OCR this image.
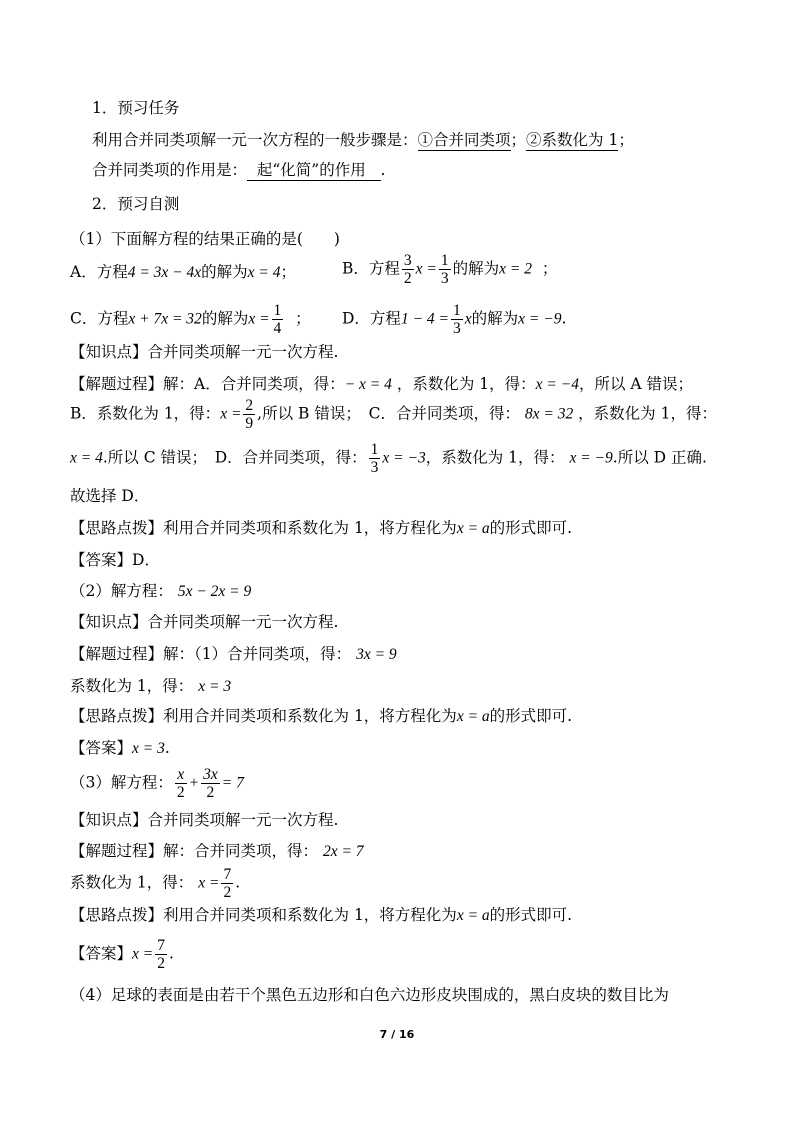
1．预习任务
利用合并同类项解一元一次方程的一般步骤是：①合并同类项；②系数化为 1；
合并同类项的作用是： 起“化简”的作用 .
2．预习自测
（1）下面解方程的结果正确的是(　　)
A．方程4 = 3x − 4x的解为x = 4；	B．方程 $\frac{3}{2}$ $x = \frac{1}{3}$ 的解为x = 2 ；
C．方程x + 7x = 32的解为$x = \frac{1}{4}$ ； D．方程$1 - 4 = \frac{1}{3}$ x的解为x = −9.
【知识点】合并同类项解一元一次方程.
【解题过程】解：A．合并同类项，得：− x = 4 ，系数化为 1，得：x = −4，所以 A 错误；
B．系数化为 1，得：$x = \frac{2}{9}$ ,所以 B 错误；　C．合并同类项，得： 8x = 32 ，系数化为 1，得：
x = 4.所以 C 错误；　D．合并同类项，得： $\frac{1}{3}$ x = −3，系数化为 1，得： x = −9.所以 D 正确.
故选择 D．
【思路点拨】利用合并同类项和系数化为 1，将方程化为x = a的形式即可.
【答案】D．
（2）解方程： 5x − 2x = 9
【知识点】合并同类项解一元一次方程.
【解题过程】解：（1）合并同类项，得： 3x = 9
系数化为 1，得： x = 3
【思路点拨】利用合并同类项和系数化为 1，将方程化为x = a的形式即可.
【答案】x = 3.
（3）解方程： $\frac{x}{2} + \frac{3x}{2} = 7$
【知识点】合并同类项解一元一次方程.
【解题过程】解：合并同类项，得： 2x = 7
系数化为 1，得： $x = \frac{7}{2}$ .
【思路点拨】利用合并同类项和系数化为 1，将方程化为x = a的形式即可.
【答案】$x = \frac{7}{2}$ .
（4）足球的表面是由若干个黑色五边形和白色六边形皮块围成的，黑白皮块的数目比为
7 / 16
